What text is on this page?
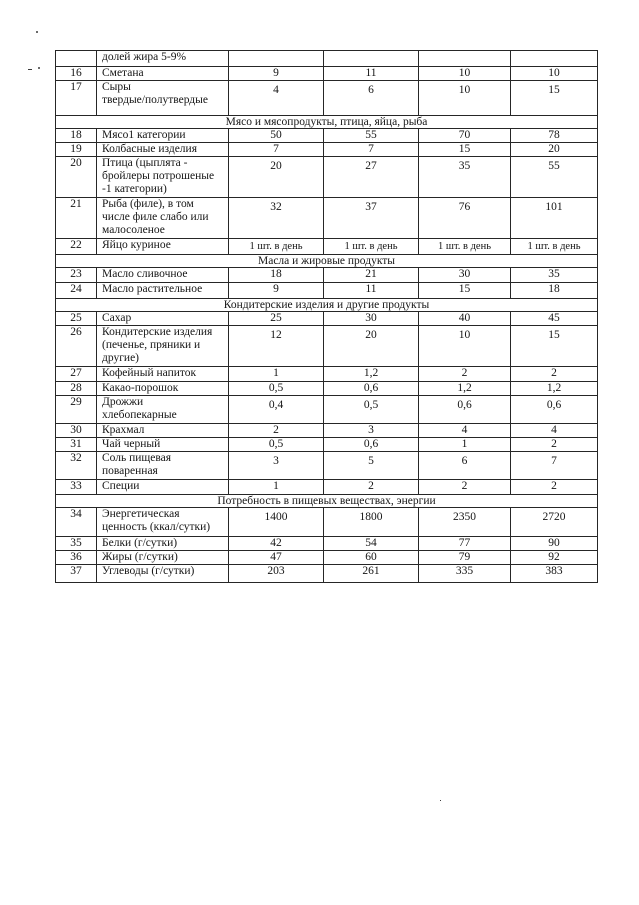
	долей жира 5-9%				
16	Сметана	9	11	10	10
17	Сыры
твердые/полутвердые	4	6	10	15
Мясо и мясопродукты, птица, яйца, рыба					
18	Мясо1 категории	50	55	70	78
19	Колбасные изделия	7	7	15	20
20	Птица (цыплята -
бройлеры потрошеные
-1 категории)	20	27	35	55
21	Рыба (филе), в том
числе филе слабо или
малосоленое	32	37	76	101
22	Яйцо куриное	1 шт. в день	1 шт. в день	1 шт. в день	1 шт. в день
Масла и жировые продукты					
23	Масло сливочное	18	21	30	35
24	Масло растительное	9	11	15	18
Кондитерские изделия и другие продукты					
25	Сахар	25	30	40	45
26	Кондитерские изделия
(печенье, пряники и
другие)	12	20	10	15
27	Кофейный напиток	1	1,2	2	2
28	Какао-порошок	0,5	0,6	1,2	1,2
29	Дрожжи
хлебопекарные	0,4	0,5	0,6	0,6
30	Крахмал	2	3	4	4
31	Чай черный	0,5	0,6	1	2
32	Соль пищевая
поваренная	3	5	6	7
33	Специи	1	2	2	2
Потребность в пищевых веществах, энергии					
34	Энергетическая
ценность (ккал/сутки)	1400	1800	2350	2720
35	Белки (г/сутки)	42	54	77	90
36	Жиры (г/сутки)	47	60	79	92
37	Углеводы (г/сутки)	203	261	335	383
